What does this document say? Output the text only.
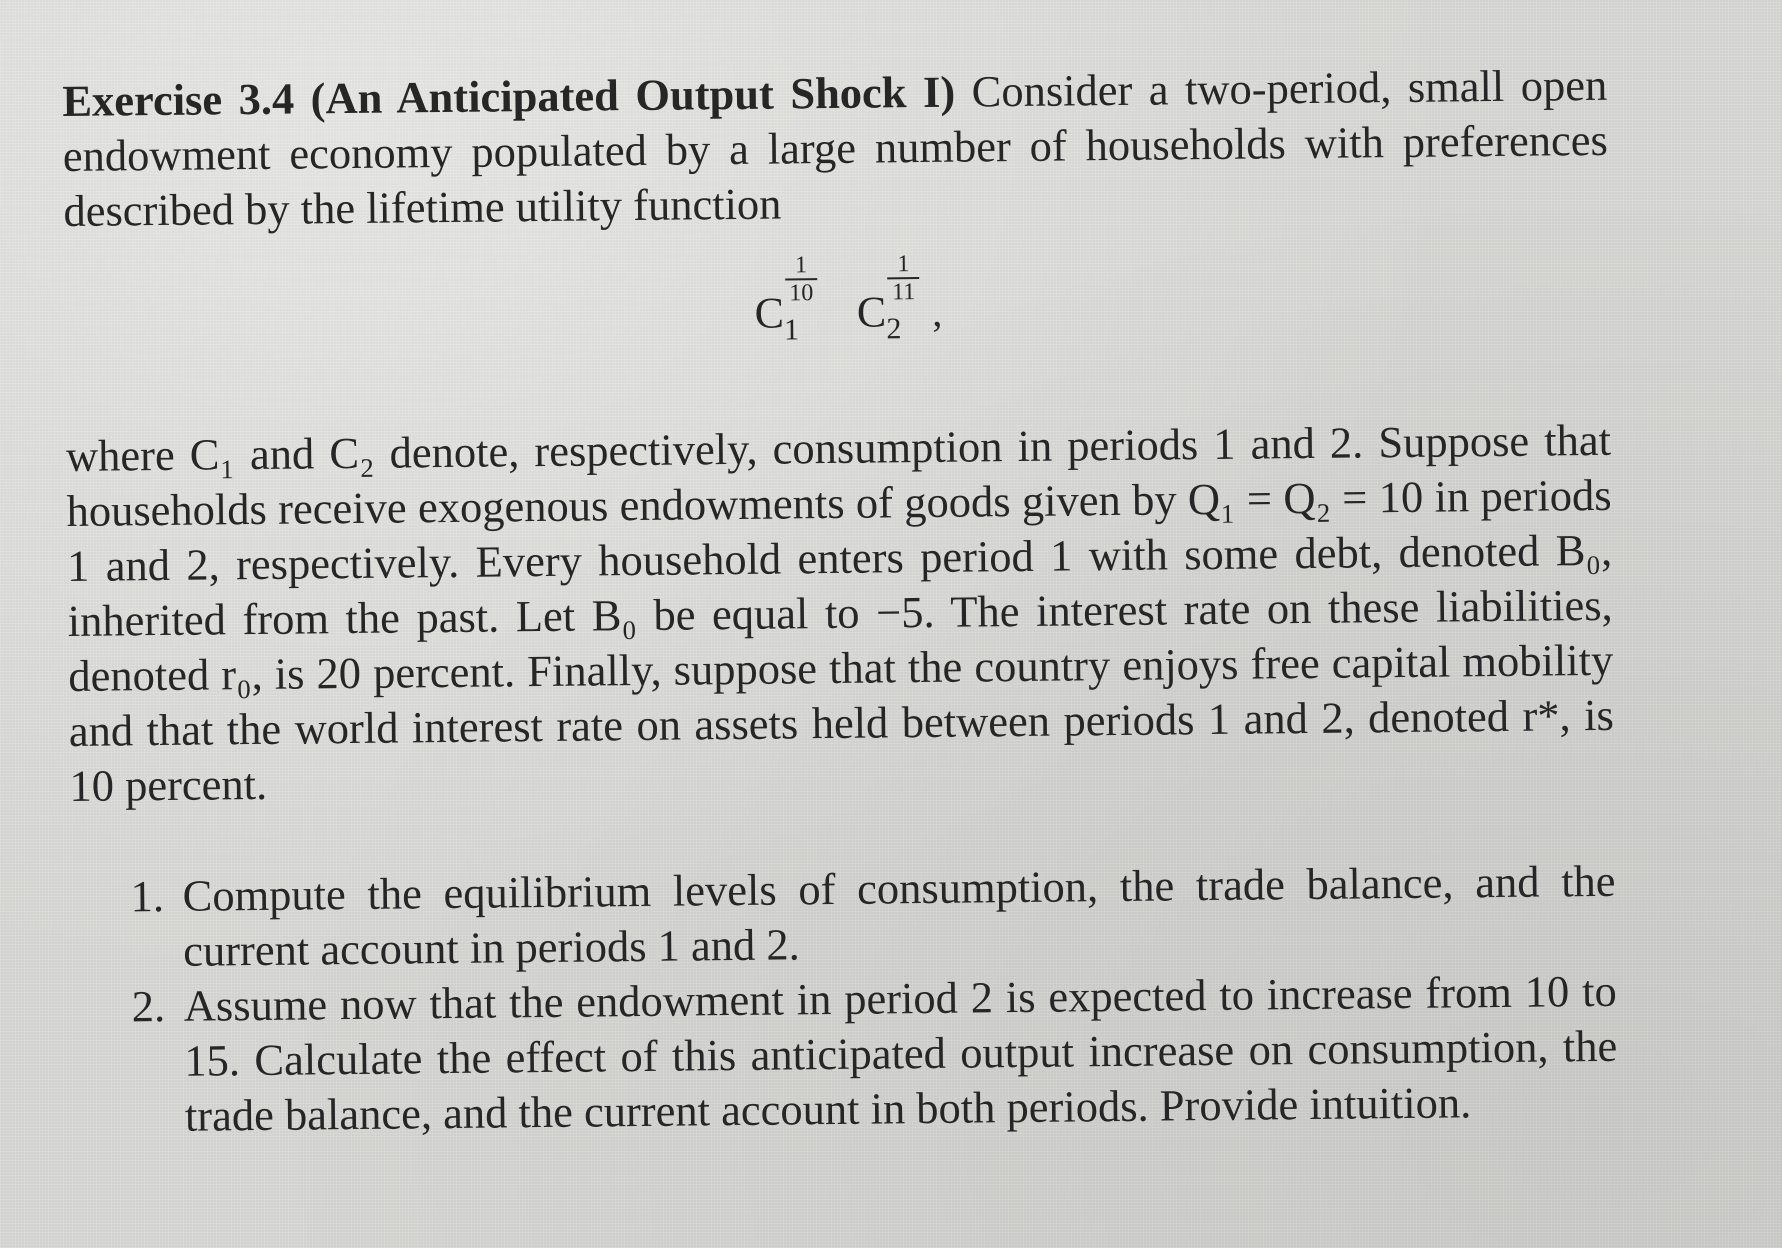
Exercise 3.4 (An Anticipated Output Shock I) Consider a two-period, small open endowment economy populated by a large number of households with preferences described by the lifetime utility function

$C_1$
1
10 $C_2$
1
11 ,

where C₁ and C₂ denote, respectively, consumption in periods 1 and 2. Suppose that households receive exogenous endowments of goods given by Q₁ = Q₂ = 10 in periods 1 and 2, respectively. Every household enters period 1 with some debt, denoted B₀, inherited from the past. Let B₀ be equal to −5. The interest rate on these liabilities, denoted r₀, is 20 percent. Finally, suppose that the country enjoys free capital mobility and that the world interest rate on assets held between periods 1 and 2, denoted r*, is 10 percent.

1. Compute the equilibrium levels of consumption, the trade balance, and the current account in periods 1 and 2.
2. Assume now that the endowment in period 2 is expected to increase from 10 to 15. Calculate the effect of this anticipated output increase on consumption, the trade balance, and the current account in both periods. Provide intuition.
